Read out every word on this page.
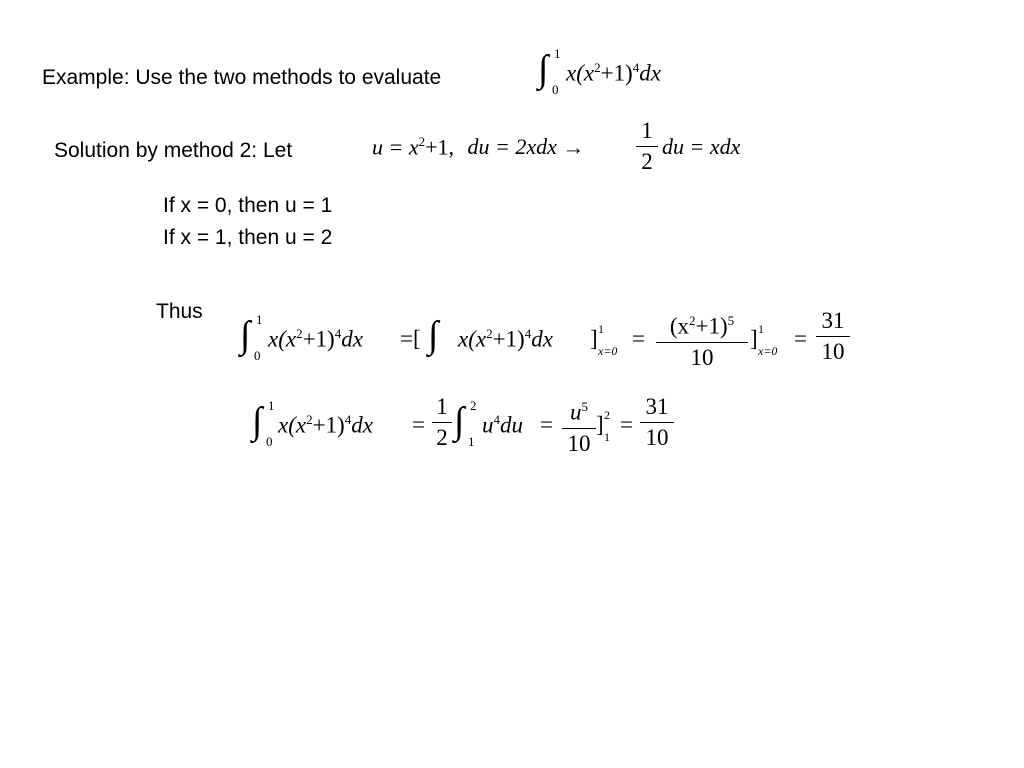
Example: Use the two methods to evaluate	∫ 1
0
$x(x^2+1)^4dx$
Solution by method 2: Let	$u = x^2+1$, du = 2xdx →
1
2
du = xdx
If x = 0, then u = 1
If x = 1, then u = 2
Thus
∫ 1
0
$x(x^2+1)^4dx$ =[ ∫ $x(x^2+1)^4dx$ ] 1
x=0 =	$(x^2+1)^5$
10
] 1
x=0 =
31
10
∫ 1
0
$x(x^2+1)^4dx$ =
1
2 ∫ 2
1
$u^4du = u^5$
10
] 2
1 =
31
10
